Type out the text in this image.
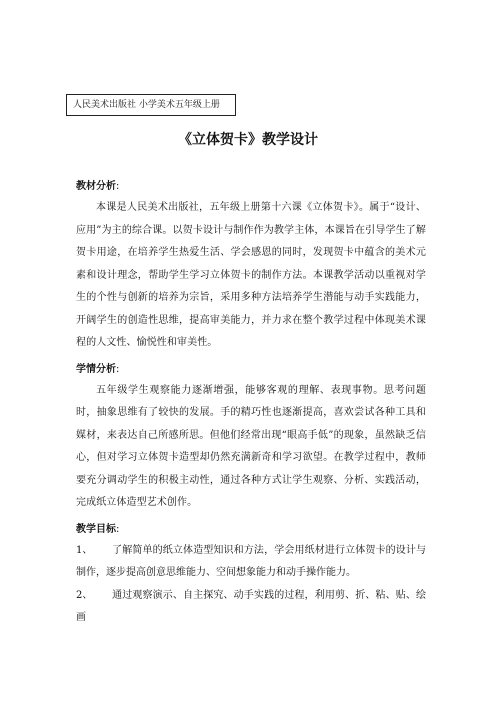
人民美术出版社 小学美术五年级上册
《立体贺卡》教学设计

教材分析:

本课是人民美术出版社，五年级上册第十六课《立体贺卡》。属于“设计、应用”为主的综合课。以贺卡设计与制作作为教学主体，本课旨在引导学生了解贺卡用途，在培养学生热爱生活、学会感恩的同时，发现贺卡中蕴含的美术元素和设计理念，帮助学生学习立体贺卡的制作方法。本课教学活动以重视对学生的个性与创新的培养为宗旨，采用多种方法培养学生潜能与动手实践能力，开阔学生的创造性思维，提高审美能力，并力求在整个教学过程中体现美术课程的人文性、愉悦性和审美性。

学情分析:

五年级学生观察能力逐渐增强，能够客观的理解、表现事物。思考问题时，抽象思维有了较快的发展。手的精巧性也逐渐提高，喜欢尝试各种工具和媒材，来表达自己所感所思。但他们经常出现“眼高手低”的现象，虽然缺乏信心，但对学习立体贺卡造型却仍然充满新奇和学习欲望。在教学过程中，教师要充分调动学生的积极主动性，通过各种方式让学生观察、分析、实践活动，完成纸立体造型艺术创作。

教学目标:

1、 了解简单的纸立体造型知识和方法，学会用纸材进行立体贺卡的设计与制作，逐步提高创意思维能力、空间想象能力和动手操作能力。
2、 通过观察演示、自主探究、动手实践的过程，利用剪、折、粘、贴、绘画
